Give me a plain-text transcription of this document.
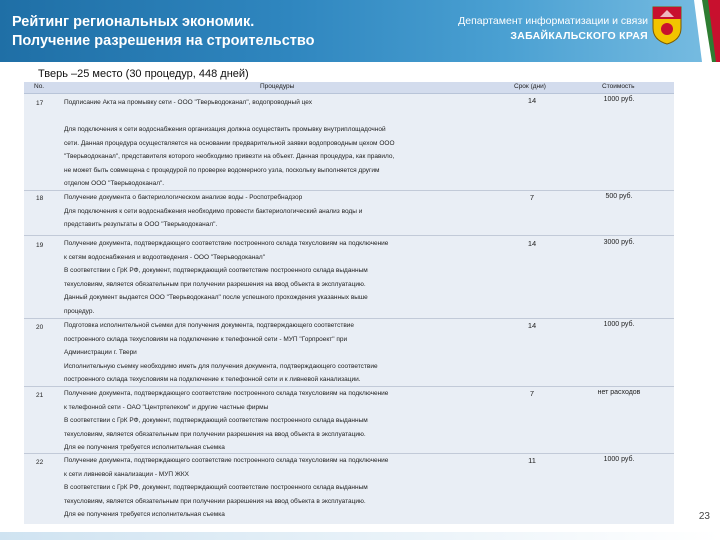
Рейтинг региональных экономик.
Получение разрешения на строительство
Департамент информатизации и связи
ЗАБАЙКАЛЬСКОГО КРАЯ
Тверь –25 место (30 процедур, 448 дней)
No.	Процедуры	Срок (дни)	Стоимость
17	Подписание Акта на промывку сети - ООО "Тверьводоканал", водопроводный цех

Для подключения к сети водоснабжения организация должна осуществить промывку внутриплощадочной
сети. Данная процедура осуществляется на основании предварительной заявки водопроводным цехом ООО
"Тверьводоканал", представителя которого необходимо привезти на объект. Данная процедура, как правило,
не может быть совмещена с процедурой по проверке водомерного узла, поскольку выполняется другим
отделом ООО "Тверьводоканал".
14	1000 руб.
18	Получение документа о бактериологическом анализе воды - Роспотребнадзор
Для подключения к сети водоснабжения необходимо провести бактериологический анализ воды и
представить результаты в ООО "Тверьводоканал".
7	500 руб.
19	Получение документа, подтверждающего соответствие построенного склада техусловиям на подключение
к сетям водоснабжения и водоотведения - ООО "Тверьводоканал"
В соответствии с ГрК РФ, документ, подтверждающий соответствие построенного склада выданным
техусловиям, является обязательным при получении разрешения на ввод объекта в эксплуатацию.
Данный документ выдается ООО "Тверьводоканал" после успешного прохождения указанных выше
процедур.
14	3000 руб.
20	Подготовка исполнительной съемки для получения документа, подтверждающего соответствие
построенного склада техусловиям на подключение к телефонной сети - МУП "Горпроект" при
Администрации г. Твери
Исполнительную съемку необходимо иметь для получения документа, подтверждающего соответствие
построенного склада техусловиям на подключение к телефонной сети и к ливневой канализации.
14	1000 руб.
21	Получение документа, подтверждающего соответствие построенного склада техусловиям на подключение
к телефонной сети - ОАО "Центртелеком" и другие частные фирмы
В соответствии с ГрК РФ, документ, подтверждающий соответствие построенного склада выданным
техусловиям, является обязательным при получении разрешения на ввод объекта в эксплуатацию.
Для ее получения требуется исполнительная съемка
7	нет расходов
22	Получение документа, подтверждающего соответствие построенного склада техусловиям на подключение
к сети ливневой канализации - МУП ЖКХ
В соответствии с ГрК РФ, документ, подтверждающий соответствие построенного склада выданным
техусловиям, является обязательным при получении разрешения на ввод объекта в эксплуатацию.
Для ее получения требуется исполнительная съемка
11	1000 руб.
23
